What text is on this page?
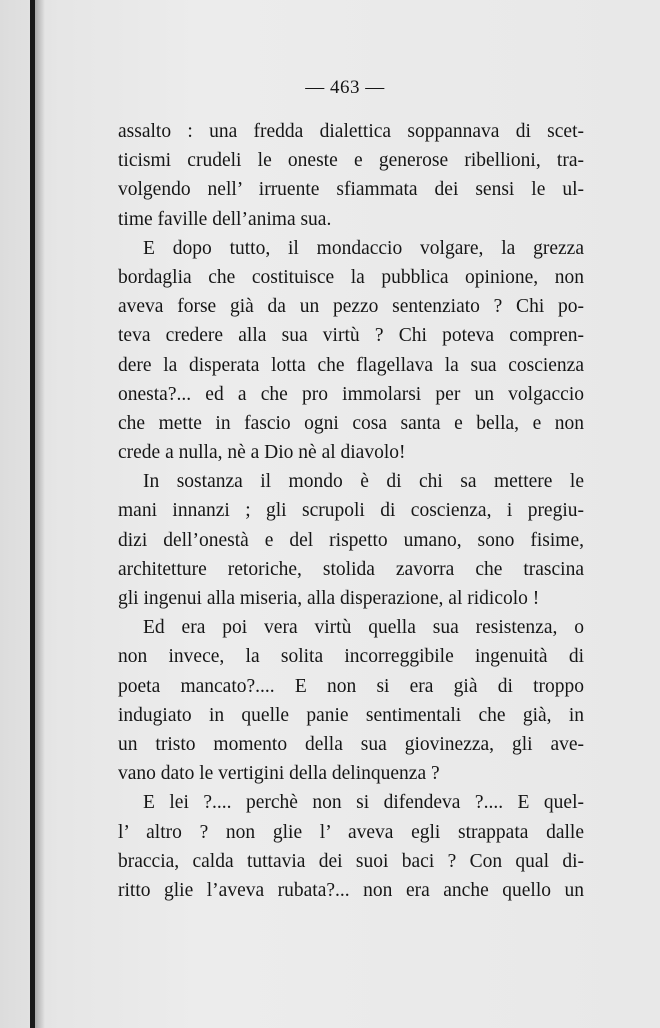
— 463 —
assalto : una fredda dialettica soppannava di scet-
ticismi crudeli le oneste e generose ribellioni, tra-
volgendo nell’ irruente sfiammata dei sensi le ul-
time faville dell’anima sua.
E dopo tutto, il mondaccio volgare, la grezza
bordaglia che costituisce la pubblica opinione, non
aveva forse già da un pezzo sentenziato ? Chi po-
teva credere alla sua virtù ? Chi poteva compren-
dere la disperata lotta che flagellava la sua coscienza
onesta?... ed a che pro immolarsi per un volgaccio
che mette in fascio ogni cosa santa e bella, e non
crede a nulla, nè a Dio nè al diavolo!
In sostanza il mondo è di chi sa mettere le
mani innanzi ; gli scrupoli di coscienza, i pregiu-
dizi dell’onestà e del rispetto umano, sono fisime,
architetture retoriche, stolida zavorra che trascina
gli ingenui alla miseria, alla disperazione, al ridicolo !
Ed era poi vera virtù quella sua resistenza, o
non invece, la solita incorreggibile ingenuità di
poeta mancato?.... E non si era già di troppo
indugiato in quelle panie sentimentali che già, in
un tristo momento della sua giovinezza, gli ave-
vano dato le vertigini della delinquenza ?
E lei ?.... perchè non si difendeva ?.... E quel-
l’ altro ? non glie l’ aveva egli strappata dalle
braccia, calda tuttavia dei suoi baci ? Con qual di-
ritto glie l’aveva rubata?... non era anche quello un
